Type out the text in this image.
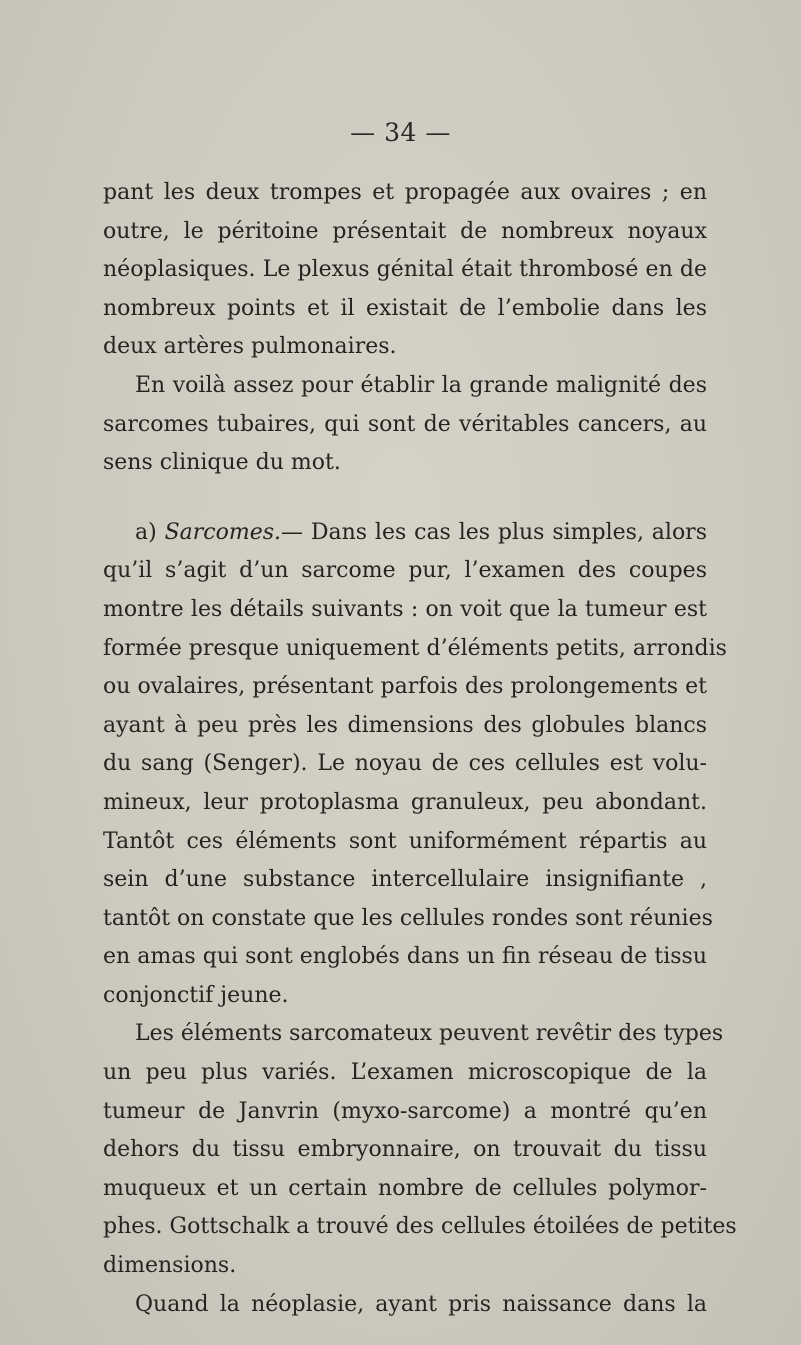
— 34 —
pant les deux trompes et propagée aux ovaires ; en
outre, le péritoine présentait de nombreux noyaux
néoplasiques. Le plexus génital était thrombosé en de
nombreux points et il existait de l’embolie dans les
deux artères pulmonaires.
En voilà assez pour établir la grande malignité des
sarcomes tubaires, qui sont de véritables cancers, au
sens clinique du mot.
a) Sarcomes.— Dans les cas les plus simples, alors
qu’il s’agit d’un sarcome pur, l’examen des coupes
montre les détails suivants : on voit que la tumeur est
formée presque uniquement d’éléments petits, arrondis
ou ovalaires, présentant parfois des prolongements et
ayant à peu près les dimensions des globules blancs
du sang (Senger). Le noyau de ces cellules est volu-
mineux, leur protoplasma granuleux, peu abondant.
Tantôt ces éléments sont uniformément répartis au
sein d’une substance intercellulaire insignifiante ,
tantôt on constate que les cellules rondes sont réunies
en amas qui sont englobés dans un fin réseau de tissu
conjonctif jeune.
Les éléments sarcomateux peuvent revêtir des types
un peu plus variés. L’examen microscopique de la
tumeur de Janvrin (myxo-sarcome) a montré qu’en
dehors du tissu embryonnaire, on trouvait du tissu
muqueux et un certain nombre de cellules polymor-
phes. Gottschalk a trouvé des cellules étoilées de petites
dimensions.
Quand la néoplasie, ayant pris naissance dans la
